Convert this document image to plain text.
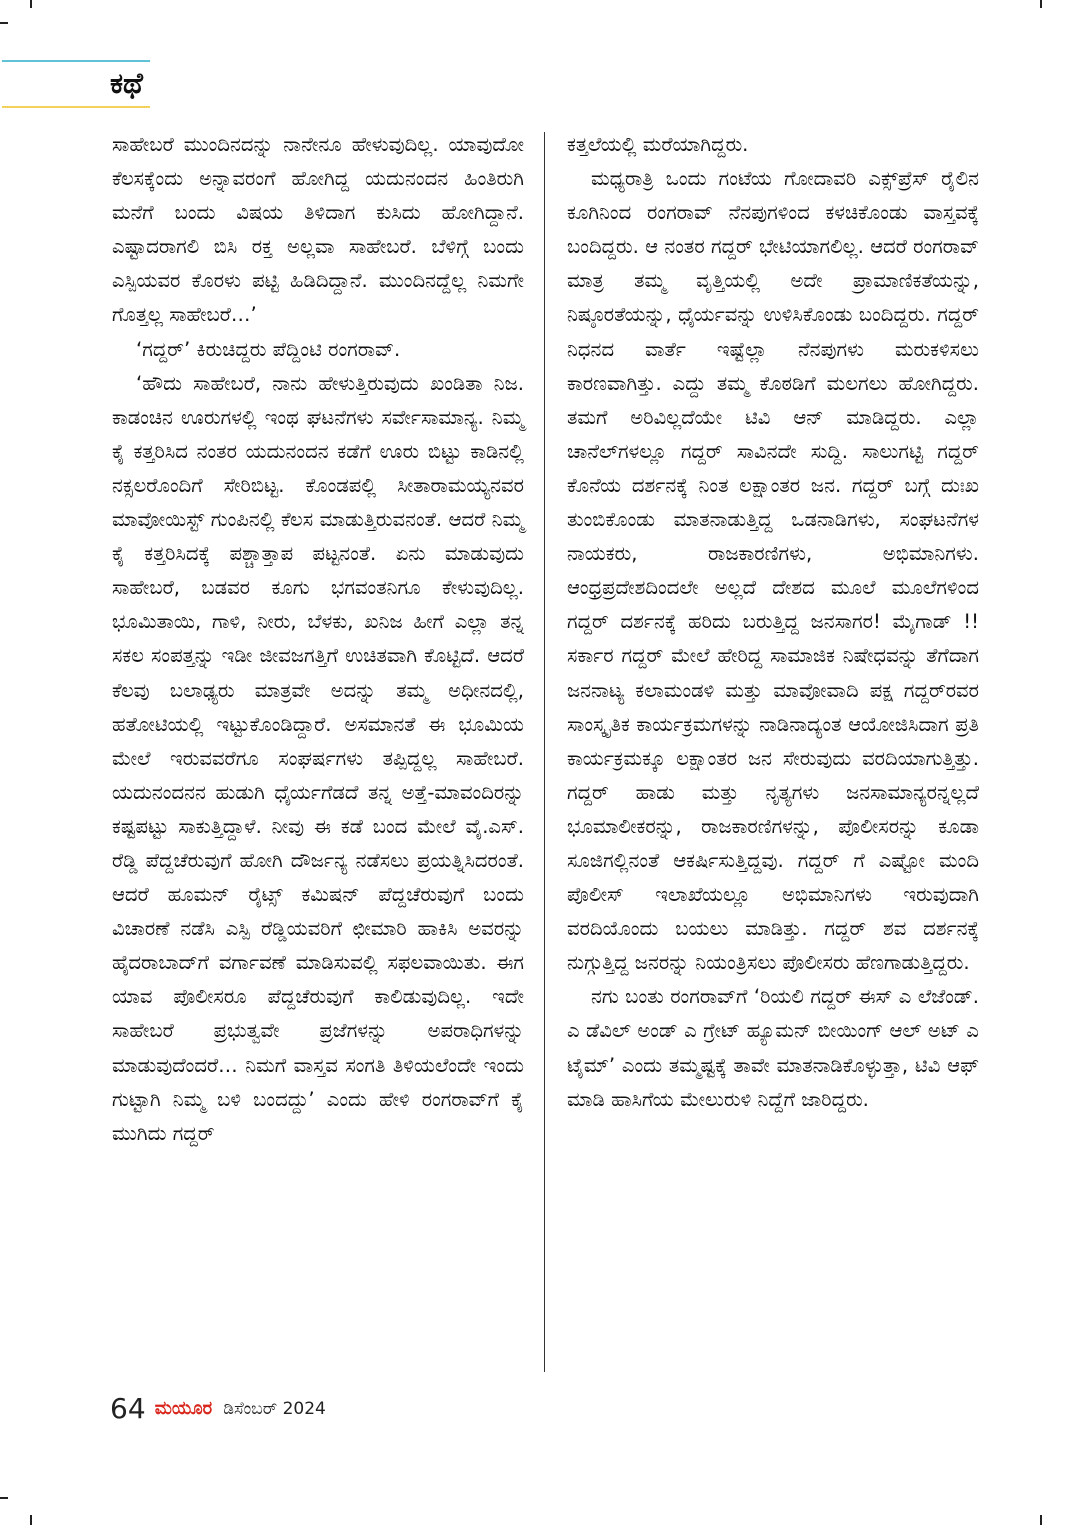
ಕಥೆ

ಸಾಹೇಬರೆ ಮುಂದಿನದನ್ನು ನಾನೇನೂ ಹೇಳುವುದಿಲ್ಲ. ಯಾವುದೋ ಕೆಲಸಕ್ಕೆಂದು ಅನ್ನಾವರಂಗೆ ಹೋಗಿದ್ದ ಯದುನಂದನ ಹಿಂತಿರುಗಿ ಮನೆಗೆ ಬಂದು ವಿಷಯ ತಿಳಿದಾಗ ಕುಸಿದು ಹೋಗಿದ್ದಾನೆ. ಎಷ್ಟಾದರಾಗಲಿ ಬಿಸಿ ರಕ್ತ ಅಲ್ಲವಾ ಸಾಹೇಬರೆ. ಬೆಳಿಗ್ಗೆ ಬಂದು ಎಸ್ಪಿಯವರ ಕೊರಳು ಪಟ್ಟಿ ಹಿಡಿದಿದ್ದಾನೆ. ಮುಂದಿನದ್ದೆಲ್ಲ ನಿಮಗೇ ಗೊತ್ತಲ್ಲ ಸಾಹೇಬರೆ…’

‘ಗದ್ದರ್’ ಕಿರುಚಿದ್ದರು ಪೆದ್ದಿಂಟಿ ರಂಗರಾವ್.

‘ಹೌದು ಸಾಹೇಬರೆ, ನಾನು ಹೇಳುತ್ತಿರುವುದು ಖಂಡಿತಾ ನಿಜ. ಕಾಡಂಚಿನ ಊರುಗಳಲ್ಲಿ ಇಂಥ ಘಟನೆಗಳು ಸರ್ವೇಸಾಮಾನ್ಯ. ನಿಮ್ಮ ಕೈ ಕತ್ತರಿಸಿದ ನಂತರ ಯದುನಂದನ ಕಡೆಗೆ ಊರು ಬಿಟ್ಟು ಕಾಡಿನಲ್ಲಿ ನಕ್ಸಲರೊಂದಿಗೆ ಸೇರಿಬಿಟ್ಟ. ಕೊಂಡಪಲ್ಲಿ ಸೀತಾರಾಮಯ್ಯನವರ ಮಾವೋಯಿಸ್ಟ್ ಗುಂಪಿನಲ್ಲಿ ಕೆಲಸ ಮಾಡುತ್ತಿರುವನಂತೆ. ಆದರೆ ನಿಮ್ಮ ಕೈ ಕತ್ತರಿಸಿದಕ್ಕೆ ಪಶ್ಚಾತ್ತಾಪ ಪಟ್ಟನಂತೆ. ಏನು ಮಾಡುವುದು ಸಾಹೇಬರೆ, ಬಡವರ ಕೂಗು ಭಗವಂತನಿಗೂ ಕೇಳುವುದಿಲ್ಲ. ಭೂಮಿತಾಯಿ, ಗಾಳಿ, ನೀರು, ಬೆಳಕು, ಖನಿಜ ಹೀಗೆ ಎಲ್ಲಾ ತನ್ನ ಸಕಲ ಸಂಪತ್ತನ್ನು ಇಡೀ ಜೀವಜಗತ್ತಿಗೆ ಉಚಿತವಾಗಿ ಕೊಟ್ಟಿದೆ. ಆದರೆ ಕೆಲವು ಬಲಾಢ್ಯರು ಮಾತ್ರವೇ ಅದನ್ನು ತಮ್ಮ ಅಧೀನದಲ್ಲಿ, ಹತೋಟಿಯಲ್ಲಿ ಇಟ್ಟುಕೊಂಡಿದ್ದಾರೆ. ಅಸಮಾನತೆ ಈ ಭೂಮಿಯ ಮೇಲೆ ಇರುವವರೆಗೂ ಸಂಘರ್ಷಗಳು ತಪ್ಪಿದ್ದಲ್ಲ ಸಾಹೇಬರೆ. ಯದುನಂದನನ ಹುಡುಗಿ ಧೈರ್ಯಗೆಡದೆ ತನ್ನ ಅತ್ತೆ-ಮಾವಂದಿರನ್ನು ಕಷ್ಟಪಟ್ಟು ಸಾಕುತ್ತಿದ್ದಾಳೆ. ನೀವು ಈ ಕಡೆ ಬಂದ ಮೇಲೆ ವೈ.ಎಸ್. ರೆಡ್ಡಿ ಪೆದ್ದಚೆರುವುಗೆ ಹೋಗಿ ದೌರ್ಜನ್ಯ ನಡೆಸಲು ಪ್ರಯತ್ನಿಸಿದರಂತೆ. ಆದರೆ ಹೂಮನ್ ರೈಟ್ಸ್ ಕಮಿಷನ್ ಪೆದ್ದಚೆರುವುಗೆ ಬಂದು ವಿಚಾರಣೆ ನಡೆಸಿ ಎಸ್ಪಿ ರೆಡ್ಡಿಯವರಿಗೆ ಛೀಮಾರಿ ಹಾಕಿಸಿ ಅವರನ್ನು ಹೈದರಾಬಾದ್‌ಗೆ ವರ್ಗಾವಣೆ ಮಾಡಿಸುವಲ್ಲಿ ಸಫಲವಾಯಿತು. ಈಗ ಯಾವ ಪೊಲೀಸರೂ ಪೆದ್ದಚೆರುವುಗೆ ಕಾಲಿಡುವುದಿಲ್ಲ. ಇದೇ ಸಾಹೇಬರೆ ಪ್ರಭುತ್ವವೇ ಪ್ರಜೆಗಳನ್ನು ಅಪರಾಧಿಗಳನ್ನು ಮಾಡುವುದೆಂದರೆ… ನಿಮಗೆ ವಾಸ್ತವ ಸಂಗತಿ ತಿಳಿಯಲೆಂದೇ ಇಂದು ಗುಟ್ಟಾಗಿ ನಿಮ್ಮ ಬಳಿ ಬಂದದ್ದು’ ಎಂದು ಹೇಳಿ ರಂಗರಾವ್‌ಗೆ ಕೈ ಮುಗಿದು ಗದ್ದರ್

ಕತ್ತಲೆಯಲ್ಲಿ ಮರೆಯಾಗಿದ್ದರು.

ಮಧ್ಯರಾತ್ರಿ ಒಂದು ಗಂಟೆಯ ಗೋದಾವರಿ ಎಕ್ಸ್‌ಪ್ರೆಸ್ ರೈಲಿನ ಕೂಗಿನಿಂದ ರಂಗರಾವ್ ನೆನಪುಗಳಿಂದ ಕಳಚಿಕೊಂಡು ವಾಸ್ತವಕ್ಕೆ ಬಂದಿದ್ದರು. ಆ ನಂತರ ಗದ್ದರ್ ಭೇಟಿಯಾಗಲಿಲ್ಲ. ಆದರೆ ರಂಗರಾವ್ ಮಾತ್ರ ತಮ್ಮ ವೃತ್ತಿಯಲ್ಲಿ ಅದೇ ಪ್ರಾಮಾಣಿಕತೆಯನ್ನು, ನಿಷ್ಠೂರತೆಯನ್ನು, ಧೈರ್ಯವನ್ನು ಉಳಿಸಿಕೊಂಡು ಬಂದಿದ್ದರು. ಗದ್ದರ್ ನಿಧನದ ವಾರ್ತೆ ಇಷ್ಟೆಲ್ಲಾ ನೆನಪುಗಳು ಮರುಕಳಿಸಲು ಕಾರಣವಾಗಿತ್ತು. ಎದ್ದು ತಮ್ಮ ಕೊಠಡಿಗೆ ಮಲಗಲು ಹೋಗಿದ್ದರು. ತಮಗೆ ಅರಿವಿಲ್ಲದೆಯೇ ಟಿವಿ ಆನ್ ಮಾಡಿದ್ದರು. ಎಲ್ಲಾ ಚಾನೆಲ್‌ಗಳಲ್ಲೂ ಗದ್ದರ್ ಸಾವಿನದೇ ಸುದ್ದಿ. ಸಾಲುಗಟ್ಟಿ ಗದ್ದರ್ ಕೊನೆಯ ದರ್ಶನಕ್ಕೆ ನಿಂತ ಲಕ್ಷಾಂತರ ಜನ. ಗದ್ದರ್ ಬಗ್ಗೆ ದುಃಖ ತುಂಬಿಕೊಂಡು ಮಾತನಾಡುತ್ತಿದ್ದ ಒಡನಾಡಿಗಳು, ಸಂಘಟನೆಗಳ ನಾಯಕರು, ರಾಜಕಾರಣಿಗಳು, ಅಭಿಮಾನಿಗಳು. ಆಂಧ್ರಪ್ರದೇಶದಿಂದಲೇ ಅಲ್ಲದೆ ದೇಶದ ಮೂಲೆ ಮೂಲೆಗಳಿಂದ ಗದ್ದರ್ ದರ್ಶನಕ್ಕೆ ಹರಿದು ಬರುತ್ತಿದ್ದ ಜನಸಾಗರ! ಮೈಗಾಡ್ !! ಸರ್ಕಾರ ಗದ್ದರ್ ಮೇಲೆ ಹೇರಿದ್ದ ಸಾಮಾಜಿಕ ನಿಷೇಧವನ್ನು ತೆಗೆದಾಗ ಜನನಾಟ್ಯ ಕಲಾಮಂಡಳಿ ಮತ್ತು ಮಾವೋವಾದಿ ಪಕ್ಷ ಗದ್ದರ್‌ರವರ ಸಾಂಸ್ಕೃತಿಕ ಕಾರ್ಯಕ್ರಮಗಳನ್ನು ನಾಡಿನಾದ್ಯಂತ ಆಯೋಜಿಸಿದಾಗ ಪ್ರತಿ ಕಾರ್ಯಕ್ರಮಕ್ಕೂ ಲಕ್ಷಾಂತರ ಜನ ಸೇರುವುದು ವರದಿಯಾಗುತ್ತಿತ್ತು. ಗದ್ದರ್ ಹಾಡು ಮತ್ತು ನೃತ್ಯಗಳು ಜನಸಾಮಾನ್ಯರನ್ನಲ್ಲದೆ ಭೂಮಾಲೀಕರನ್ನು, ರಾಜಕಾರಣಿಗಳನ್ನು, ಪೊಲೀಸರನ್ನು ಕೂಡಾ ಸೂಜಿಗಲ್ಲಿನಂತೆ ಆಕರ್ಷಿಸುತ್ತಿದ್ದವು. ಗದ್ದರ್ ಗೆ ಎಷ್ಟೋ ಮಂದಿ ಪೊಲೀಸ್ ಇಲಾಖೆಯಲ್ಲೂ ಅಭಿಮಾನಿಗಳು ಇರುವುದಾಗಿ ವರದಿಯೊಂದು ಬಯಲು ಮಾಡಿತ್ತು. ಗದ್ದರ್ ಶವ ದರ್ಶನಕ್ಕೆ ನುಗ್ಗುತ್ತಿದ್ದ ಜನರನ್ನು ನಿಯಂತ್ರಿಸಲು ಪೊಲೀಸರು ಹೆಣಗಾಡುತ್ತಿದ್ದರು.

ನಗು ಬಂತು ರಂಗರಾವ್‌ಗೆ ‘ರಿಯಲಿ ಗದ್ದರ್ ಈಸ್ ಎ ಲೆಜೆಂಡ್. ಎ ಡೆವಿಲ್ ಅಂಡ್ ಎ ಗ್ರೇಟ್ ಹ್ಯೂಮನ್ ಬೀಯಿಂಗ್ ಆಲ್ ಅಟ್ ಎ ಟೈಮ್’ ಎಂದು ತಮ್ಮಷ್ಟಕ್ಕೆ ತಾವೇ ಮಾತನಾಡಿಕೊಳ್ಳುತ್ತಾ, ಟಿವಿ ಆಫ್ ಮಾಡಿ ಹಾಸಿಗೆಯ ಮೇಲುರುಳಿ ನಿದ್ದೆಗೆ ಜಾರಿದ್ದರು.

64 ಮಯೂರ ಡಿಸೆಂಬರ್ 2024
